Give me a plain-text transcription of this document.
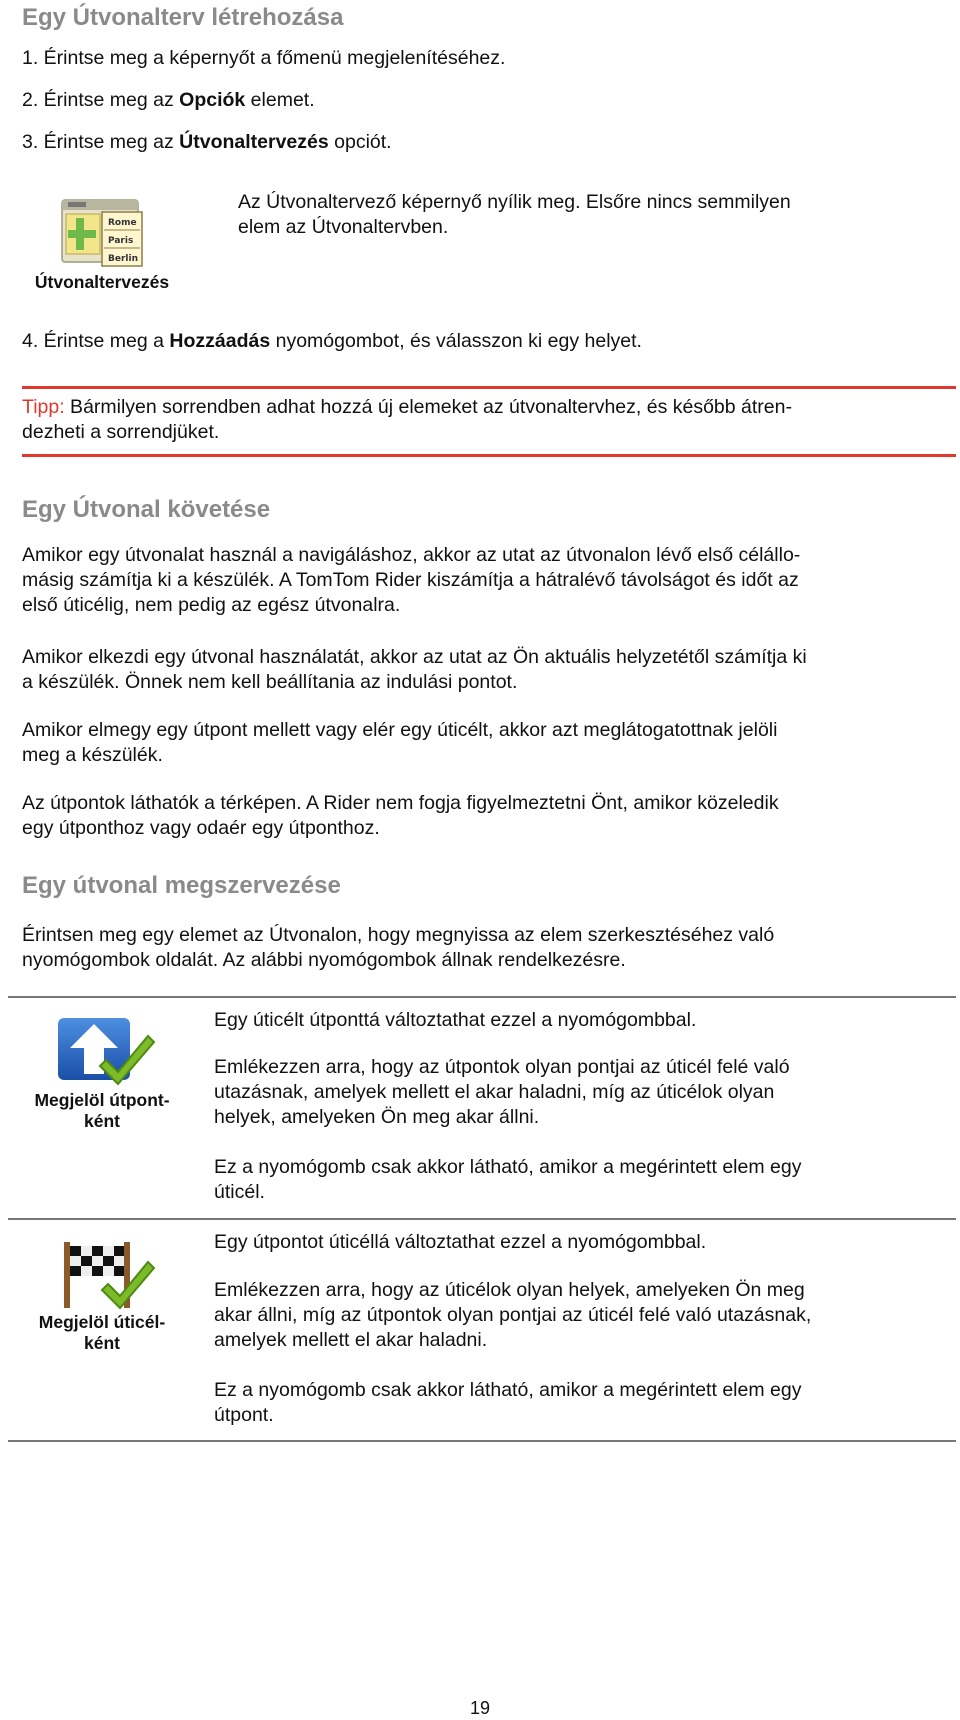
Egy Útvonalterv létrehozása
1. Érintse meg a képernyőt a főmenü megjelenítéséhez.
2. Érintse meg az Opciók elemet.
3. Érintse meg az Útvonaltervezés opciót.
Rome
Paris
Berlin
Útvonaltervezés
Az Útvonaltervező képernyő nyílik meg. Elsőre nincs semmilyen
elem az Útvonaltervben.
4. Érintse meg a Hozzáadás nyomógombot, és válasszon ki egy helyet.
Tipp: Bármilyen sorrendben adhat hozzá új elemeket az útvonaltervhez, és később átren-
dezheti a sorrendjüket.
Egy Útvonal követése
Amikor egy útvonalat használ a navigáláshoz, akkor az utat az útvonalon lévő első célállo-
másig számítja ki a készülék. A TomTom Rider kiszámítja a hátralévő távolságot és időt az
első úticélig, nem pedig az egész útvonalra.
Amikor elkezdi egy útvonal használatát, akkor az utat az Ön aktuális helyzetétől számítja ki
a készülék. Önnek nem kell beállítania az indulási pontot.
Amikor elmegy egy útpont mellett vagy elér egy úticélt, akkor azt meglátogatottnak jelöli
meg a készülék.
Az útpontok láthatók a térképen. A Rider nem fogja figyelmeztetni Önt, amikor közeledik
egy útponthoz vagy odaér egy útponthoz.
Egy útvonal megszervezése
Érintsen meg egy elemet az Útvonalon, hogy megnyissa az elem szerkesztéséhez való
nyomógombok oldalát. Az alábbi nyomógombok állnak rendelkezésre.
Megjelöl útpont-
ként
Egy úticélt útponttá változtathat ezzel a nyomógombbal.
Emlékezzen arra, hogy az útpontok olyan pontjai az úticél felé való
utazásnak, amelyek mellett el akar haladni, míg az úticélok olyan
helyek, amelyeken Ön meg akar állni.
Ez a nyomógomb csak akkor látható, amikor a megérintett elem egy
úticél.
Megjelöl úticél-
ként
Egy útpontot úticéllá változtathat ezzel a nyomógombbal.
Emlékezzen arra, hogy az úticélok olyan helyek, amelyeken Ön meg
akar állni, míg az útpontok olyan pontjai az úticél felé való utazásnak,
amelyek mellett el akar haladni.
Ez a nyomógomb csak akkor látható, amikor a megérintett elem egy
útpont.
19
